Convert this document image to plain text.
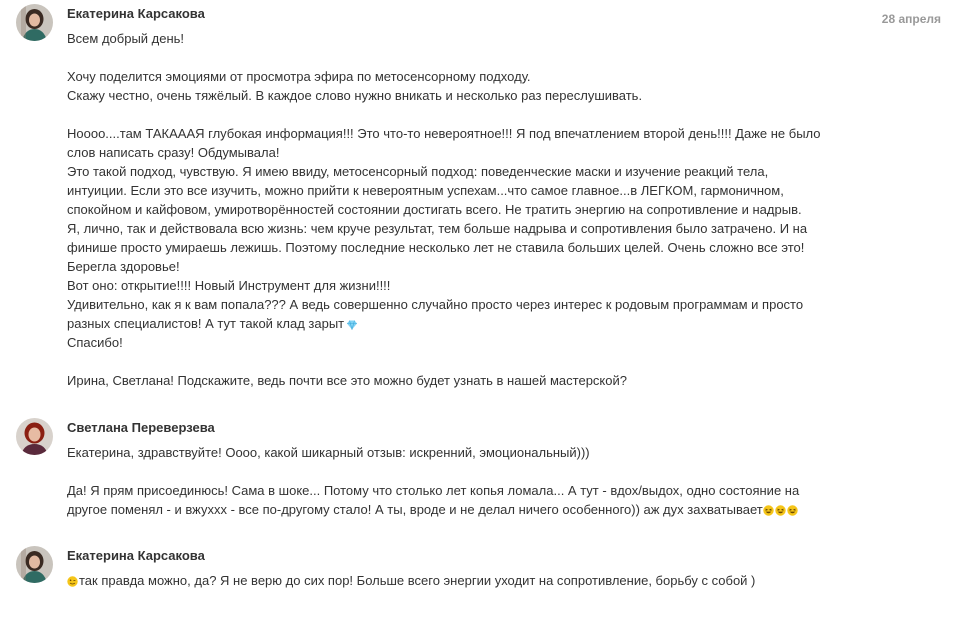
Екатерина Карсакова	28 апреля
Всем добрый день!
Хочу поделится эмоциями от просмотра эфира по метосенсорному подходу.
Скажу честно, очень тяжёлый. В каждое слово нужно вникать и несколько раз переслушивать.
Нoooo....там ТАКАААЯ глубокая информация!!! Это что-то невероятное!!! Я под впечатлением второй день!!!! Даже не было
слов написать сразу! Обдумывала!
Это такой подход, чувствую. Я имею ввиду, метосенсорный подход: поведенческие маски и изучение реакций тела,
интуиции. Если это все изучить, можно прийти к невероятным успехам...что самое главное...в ЛЕГКОМ, гармоничном,
спокойном и кайфовом, умиротворённостей состоянии достигать всего. Не тратить энергию на сопротивление и надрыв.
Я, лично, так и действовала всю жизнь: чем круче результат, тем больше надрыва и сопротивления было затрачено. И на
финише просто умираешь лежишь. Поэтому последние несколько лет не ставила больших целей. Очень сложно все это!
Берегла здоровье!
Вот оно: открытие!!!! Новый Инструмент для жизни!!!!
Удивительно, как я к вам попала??? А ведь совершенно случайно просто через интерес к родовым программам и просто
разных специалистов! А тут такой клад зарыт
Спасибо!
Ирина, Светлана! Подскажите, ведь почти все это можно будет узнать в нашей мастерской?
Светлана Переверзева
Екатерина, здравствуйте! Оооо, какой шикарный отзыв: искренний, эмоциональный)))
Да! Я прям присоединюсь! Сама в шоке... Потому что столько лет копья ломала... А тут - вдох/выдох, одно состояние на
другое поменял - и вжуххх - все по-другому стало! А ты, вроде и не делал ничего особенного)) аж дух захватывает
Екатерина Карсакова
так правда можно, да? Я не верю до сих пор! Больше всего энергии уходит на сопротивление, борьбу с собой )
